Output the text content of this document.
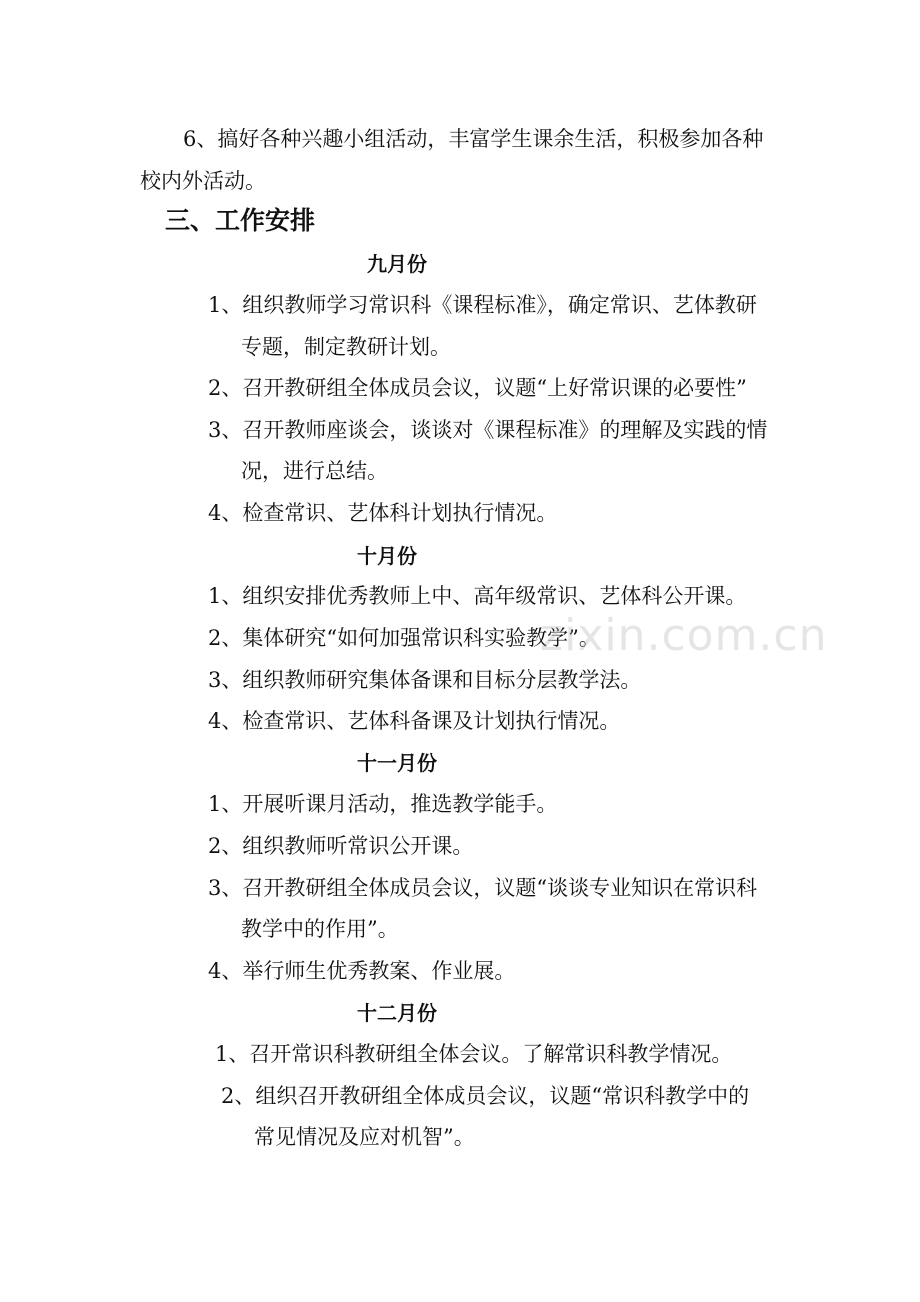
6、搞好各种兴趣小组活动，丰富学生课余生活，积极参加各种
校内外活动。
三、工作安排
九月份
1、组织教师学习常识科《课程标准》，确定常识、艺体教研
专题，制定教研计划。
2、召开教研组全体成员会议，议题“上好常识课的必要性”
3、召开教师座谈会，谈谈对《课程标准》的理解及实践的情
况，进行总结。
4、检查常识、艺体科计划执行情况。
十月份
1、组织安排优秀教师上中、高年级常识、艺体科公开课。
2、集体研究“如何加强常识科实验教学”。
3、组织教师研究集体备课和目标分层教学法。
4、检查常识、艺体科备课及计划执行情况。
十一月份
1、开展听课月活动，推选教学能手。
2、组织教师听常识公开课。
3、召开教研组全体成员会议，议题“谈谈专业知识在常识科
教学中的作用”。
4、举行师生优秀教案、作业展。
十二月份
1、召开常识科教研组全体会议。了解常识科教学情况。
2、组织召开教研组全体成员会议，议题“常识科教学中的
常见情况及应对机智”。
zixin.com.cn
